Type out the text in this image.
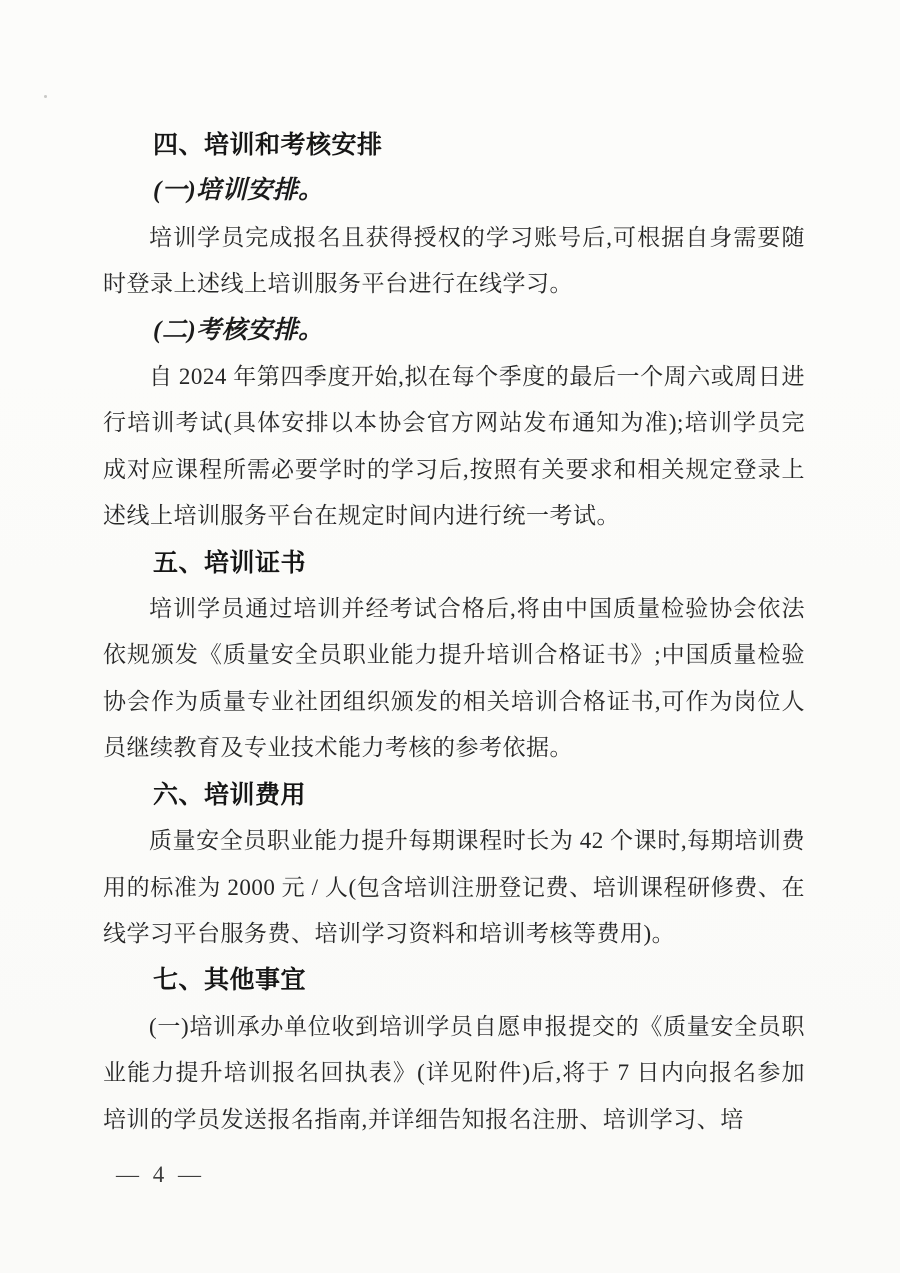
四、培训和考核安排

(一)培训安排。

培训学员完成报名且获得授权的学习账号后,可根据自身需要随时登录上述线上培训服务平台进行在线学习。

(二)考核安排。

自 2024 年第四季度开始,拟在每个季度的最后一个周六或周日进行培训考试(具体安排以本协会官方网站发布通知为准);培训学员完成对应课程所需必要学时的学习后,按照有关要求和相关规定登录上述线上培训服务平台在规定时间内进行统一考试。

五、培训证书

培训学员通过培训并经考试合格后,将由中国质量检验协会依法依规颁发《质量安全员职业能力提升培训合格证书》;中国质量检验协会作为质量专业社团组织颁发的相关培训合格证书,可作为岗位人员继续教育及专业技术能力考核的参考依据。

六、培训费用

质量安全员职业能力提升每期课程时长为 42 个课时,每期培训费用的标准为 2000 元 / 人(包含培训注册登记费、培训课程研修费、在线学习平台服务费、培训学习资料和培训考核等费用)。

七、其他事宜

(一)培训承办单位收到培训学员自愿申报提交的《质量安全员职业能力提升培训报名回执表》(详见附件)后,将于 7 日内向报名参加培训的学员发送报名指南,并详细告知报名注册、培训学习、培

— 4 —
